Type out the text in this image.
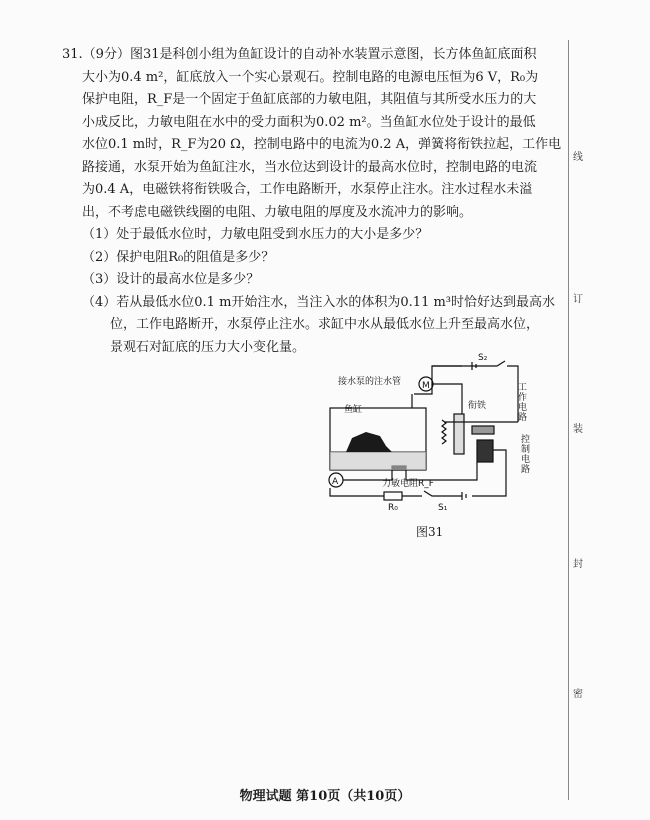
31.（9分）图31是科创小组为鱼缸设计的自动补水装置示意图，长方体鱼缸底面积
大小为0.4 m²，缸底放入一个实心景观石。控制电路的电源电压恒为6 V，R₀为
保护电阻，R_F是一个固定于鱼缸底部的力敏电阻，其阻值与其所受水压力的大
小成反比，力敏电阻在水中的受力面积为0.02 m²。当鱼缸水位处于设计的最低
水位0.1 m时，R_F为20 Ω，控制电路中的电流为0.2 A，弹簧将衔铁拉起，工作电
路接通，水泵开始为鱼缸注水，当水位达到设计的最高水位时，控制电路的电流
为0.4 A，电磁铁将衔铁吸合，工作电路断开，水泵停止注水。注水过程水未溢
出，不考虑电磁铁线圈的电阻、力敏电阻的厚度及水流冲力的影响。
（1）处于最低水位时，力敏电阻受到水压力的大小是多少？
（2）保护电阻R₀的阻值是多少？
（3）设计的最高水位是多少？
（4）若从最低水位0.1 m开始注水，当注入水的体积为0.11 m³时恰好达到最高水
位，工作电路断开，水泵停止注水。求缸中水从最低水位上升至最高水位，
景观石对缸底的压力大小变化量。
接水泵的注水管
鱼缸	衔铁
力敏电阻R_F
R₀	S₁
S₂
M
A
工作电路
控制电路
图31
线
订
装
封
密
物理试题 第10页（共10页）
